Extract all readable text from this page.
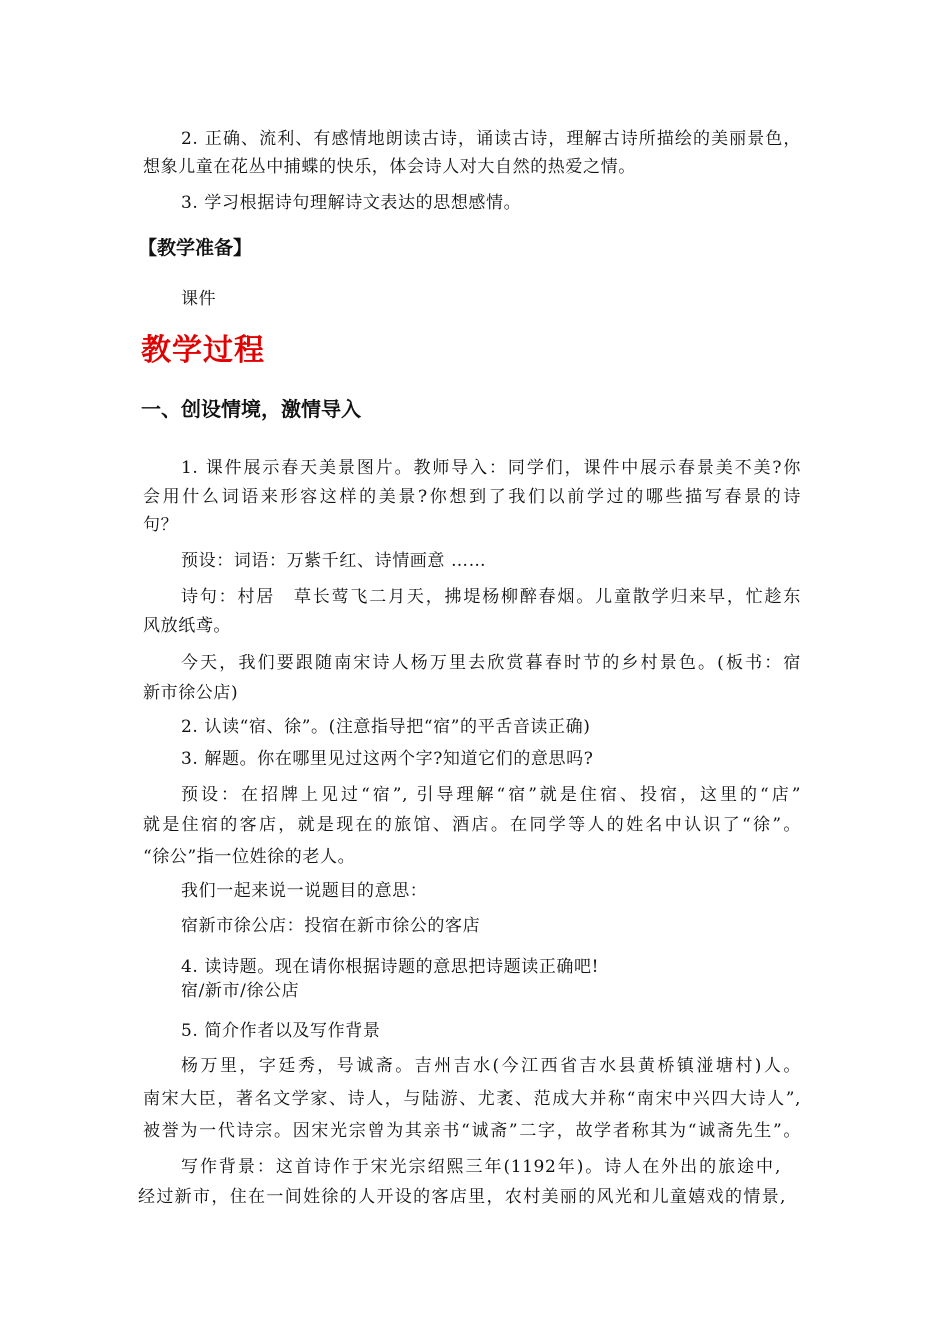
2. 正确、流利、有感情地朗读古诗，诵读古诗，理解古诗所描绘的美丽景色，
想象儿童在花丛中捕蝶的快乐，体会诗人对大自然的热爱之情。
3. 学习根据诗句理解诗文表达的思想感情。
【教学准备】
课件
教学过程
一、创设情境，激情导入
1. 课件展示春天美景图片。教师导入：同学们，课件中展示春景美不美?你
会用什么词语来形容这样的美景?你想到了我们以前学过的哪些描写春景的诗
句？
预设：词语：万紫千红、诗情画意 ……
诗句：村居　草长莺飞二月天，拂堤杨柳醉春烟。儿童散学归来早，忙趁东
风放纸鸢。
今天，我们要跟随南宋诗人杨万里去欣赏暮春时节的乡村景色。(板书：宿
新市徐公店)
2. 认读“宿、徐”。(注意指导把“宿”的平舌音读正确)
3. 解题。你在哪里见过这两个字?知道它们的意思吗?
预设：在招牌上见过“宿”, 引导理解“宿”就是住宿、投宿，这里的“店”
就是住宿的客店，就是现在的旅馆、酒店。在同学等人的姓名中认识了“徐”。
“徐公”指一位姓徐的老人。
我们一起来说一说题目的意思：
宿新市徐公店：投宿在新市徐公的客店
4. 读诗题。现在请你根据诗题的意思把诗题读正确吧!
宿/新市/徐公店
5. 简介作者以及写作背景
杨万里，字廷秀，号诚斋。吉州吉水(今江西省吉水县黄桥镇湴塘村)人。
南宋大臣，著名文学家、诗人，与陆游、尤袤、范成大并称“南宋中兴四大诗人”,
被誉为一代诗宗。因宋光宗曾为其亲书“诚斋”二字，故学者称其为“诚斋先生”。
写作背景：这首诗作于宋光宗绍熙三年(1192年)。诗人在外出的旅途中,
经过新市，住在一间姓徐的人开设的客店里，农村美丽的风光和儿童嬉戏的情景,
